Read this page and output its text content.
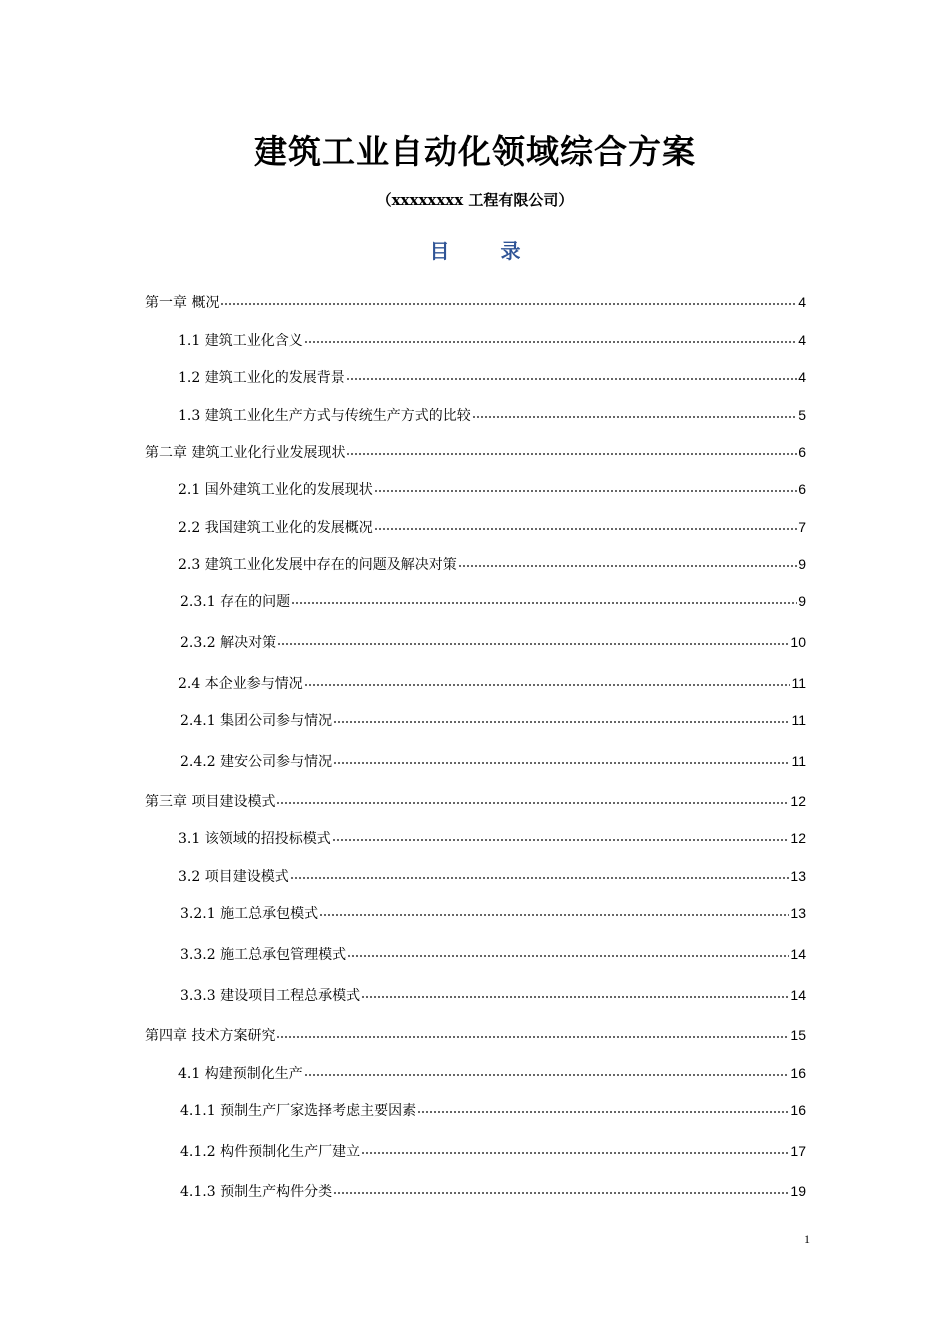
建筑工业自动化领域综合方案
（xxxxxxxx 工程有限公司）
目 录
第一章 概况	4
1.1 建筑工业化含义	4
1.2 建筑工业化的发展背景	4
1.3 建筑工业化生产方式与传统生产方式的比较	5
第二章 建筑工业化行业发展现状	6
2.1 国外建筑工业化的发展现状	6
2.2 我国建筑工业化的发展概况	7
2.3 建筑工业化发展中存在的问题及解决对策	9
2.3.1 存在的问题	9
2.3.2 解决对策	10
2.4 本企业参与情况	11
2.4.1 集团公司参与情况	11
2.4.2 建安公司参与情况	11
第三章 项目建设模式	12
3.1 该领域的招投标模式	12
3.2 项目建设模式	13
3.2.1 施工总承包模式	13
3.3.2 施工总承包管理模式	14
3.3.3 建设项目工程总承模式	14
第四章 技术方案研究	15
4.1 构建预制化生产	16
4.1.1 预制生产厂家选择考虑主要因素	16
4.1.2 构件预制化生产厂建立	17
4.1.3 预制生产构件分类	19
1
